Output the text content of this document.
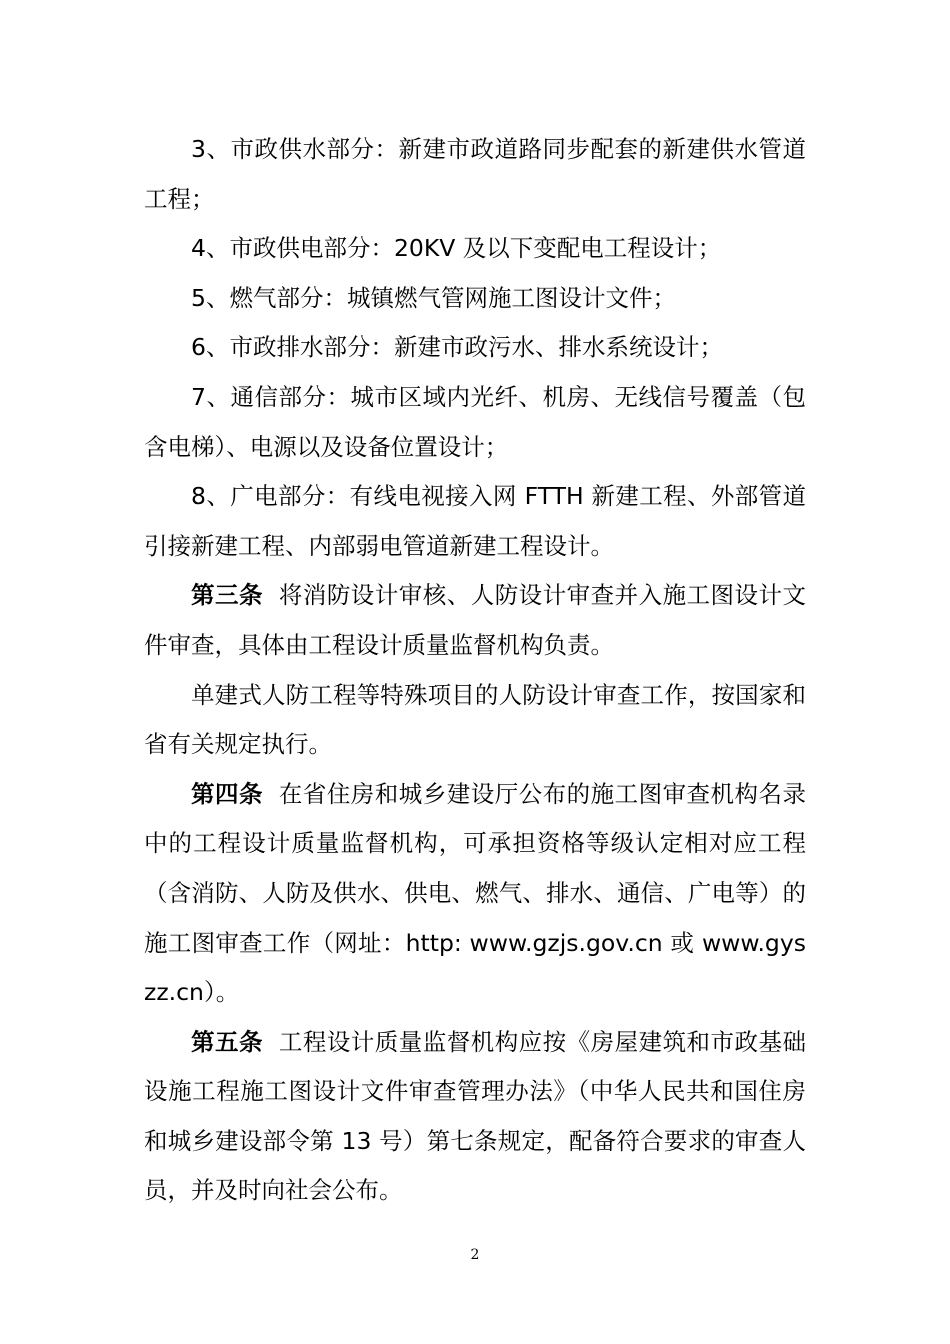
3、市政供水部分：新建市政道路同步配套的新建供水管道工程；

4、市政供电部分：20KV 及以下变配电工程设计；

5、燃气部分：城镇燃气管网施工图设计文件；

6、市政排水部分：新建市政污水、排水系统设计；

7、通信部分：城市区域内光纤、机房、无线信号覆盖（包含电梯）、电源以及设备位置设计；

8、广电部分：有线电视接入网 FTTH 新建工程、外部管道引接新建工程、内部弱电管道新建工程设计。

第三条 将消防设计审核、人防设计审查并入施工图设计文件审查，具体由工程设计质量监督机构负责。

单建式人防工程等特殊项目的人防设计审查工作，按国家和省有关规定执行。

第四条 在省住房和城乡建设厅公布的施工图审查机构名录中的工程设计质量监督机构，可承担资格等级认定相对应工程（含消防、人防及供水、供电、燃气、排水、通信、广电等）的施工图审查工作（网址：http: www.gzjs.gov.cn 或 www.gyszz.cn）。

第五条 工程设计质量监督机构应按《房屋建筑和市政基础设施工程施工图设计文件审查管理办法》（中华人民共和国住房和城乡建设部令第 13 号）第七条规定，配备符合要求的审查人员，并及时向社会公布。

2
